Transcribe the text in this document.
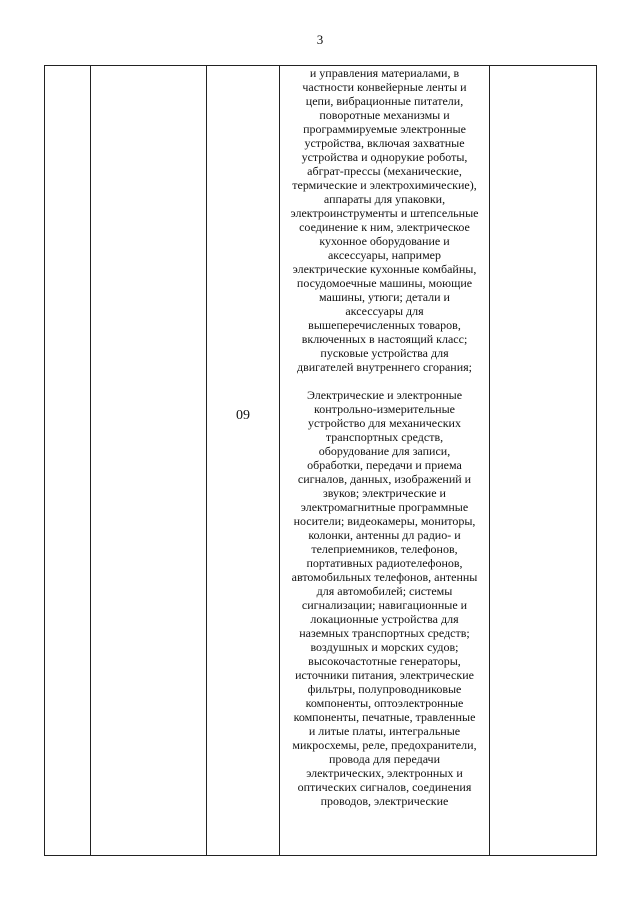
3

09

и управления материалами, в
частности конвейерные ленты и
цепи, вибрационные питатели,
поворотные механизмы и
программируемые электронные
устройства, включая захватные
устройства и однорукие роботы,
абграт-прессы (механические,
термические и электрохимические),
аппараты для упаковки,
электроинструменты и штепсельные
соединение к ним, электрическое
кухонное оборудование и
аксессуары, например
электрические кухонные комбайны,
посудомоечные машины, моющие
машины, утюги; детали и
аксессуары для
вышеперечисленных товаров,
включенных в настоящий класс;
пусковые устройства для
двигателей внутреннего сгорания;
Электрические и электронные
контрольно-измерительные
устройство для механических
транспортных средств,
оборудование для записи,
обработки, передачи и приема
сигналов, данных, изображений и
звуков; электрические и
электромагнитные программные
носители; видеокамеры, мониторы,
колонки, антенны дл радио- и
телеприемников, телефонов,
портативных радиотелефонов,
автомобильных телефонов, антенны
для автомобилей; системы
сигнализации; навигационные и
локационные устройства для
наземных транспортных средств;
воздушных и морских судов;
высокочастотные генераторы,
источники питания, электрические
фильтры, полупроводниковые
компоненты, оптоэлектронные
компоненты, печатные, травленные
и литые платы, интегральные
микросхемы, реле, предохранители,
провода для передачи
электрических, электронных и
оптических сигналов, соединения
проводов, электрические
